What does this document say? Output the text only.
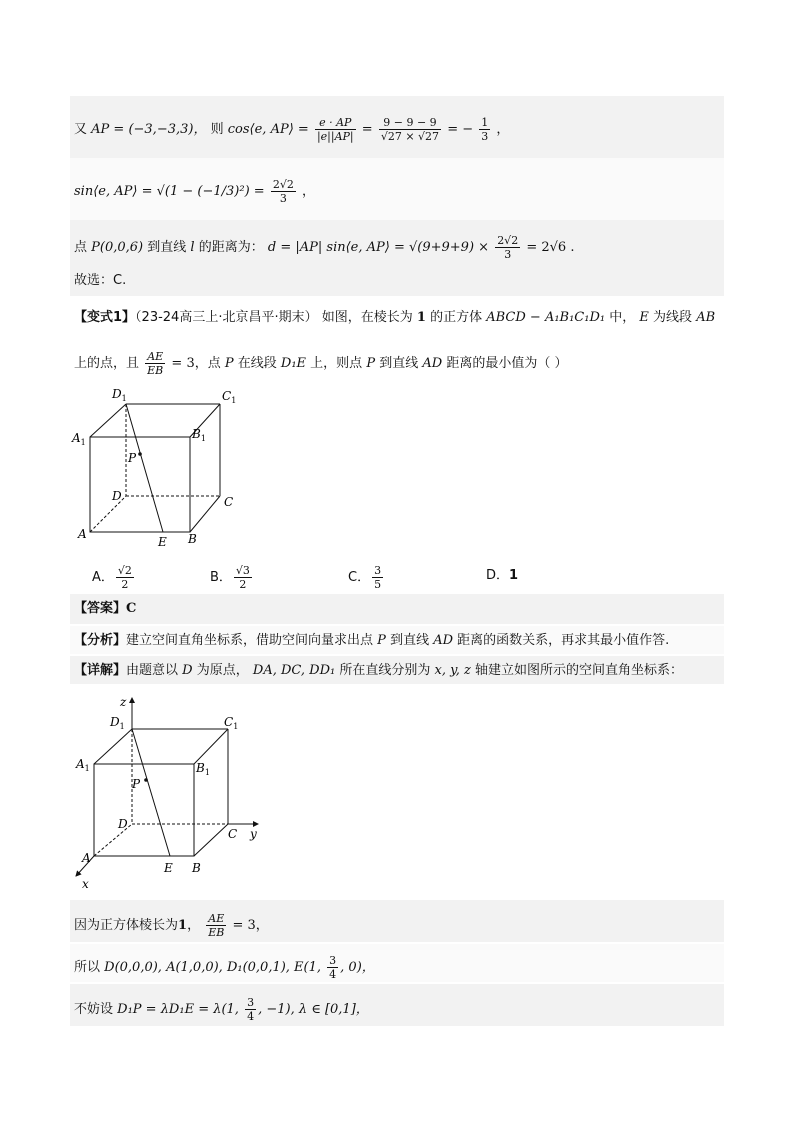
又 AP = (−3,−3,3)， 则 cos⟨e, AP⟩ = $\frac{e \cdot AP}{|e||AP|} = \frac{9 - 9 - 9}{√27 \times √27}$ = − $\frac{1}{3}$ ，
sin⟨e, AP⟩ = $√(1 - (-1/3)^2) = \frac{2√2}{3}$ ，
点 P(0,0,6) 到直线 l 的距离为： d = |AP| sin⟨e, AP⟩ = $√(9+9+9) \times \frac{2√2}{3} = 2√6$ .
故选：C.
【变式1】（23-24高三上·北京昌平·期末） 如图，在棱长为 1 的正方体 ABCD − A₁B₁C₁D₁ 中， E 为线段 AB
上的点，且 $\frac{AE}{EB} = 3$，点 P 在线段 D₁E 上，则点 P 到直线 AD 距离的最小值为（ ）
$D_1$	$C_1$
$A_1$
$B_1$
P
D	C
A
E B
A． $\frac{√2}{2}$	B． $\frac{√3}{2}$	C． $\frac{3}{5}$	D．1
【答案】C
【分析】建立空间直角坐标系，借助空间向量求出点 P 到直线 AD 距离的函数关系，再求其最小值作答.
【详解】由题意以 D 为原点， DA, DC, DD₁ 所在直线分别为 x, y, z 轴建立如图所示的空间直角坐标系：
z
$D_1$	$C_1$
$A_1$	$B_1$
P
D
C y
A
E B
x
因为正方体棱长为1， $\frac{AE}{EB} = 3$，
所以 D(0,0,0), A(1,0,0), D₁(0,0,1), E(1, $\frac{3}{4}$ , 0)，
不妨设 D₁P = λD₁E = λ(1, $\frac{3}{4}$ , −1), λ ∈ [0,1]，
